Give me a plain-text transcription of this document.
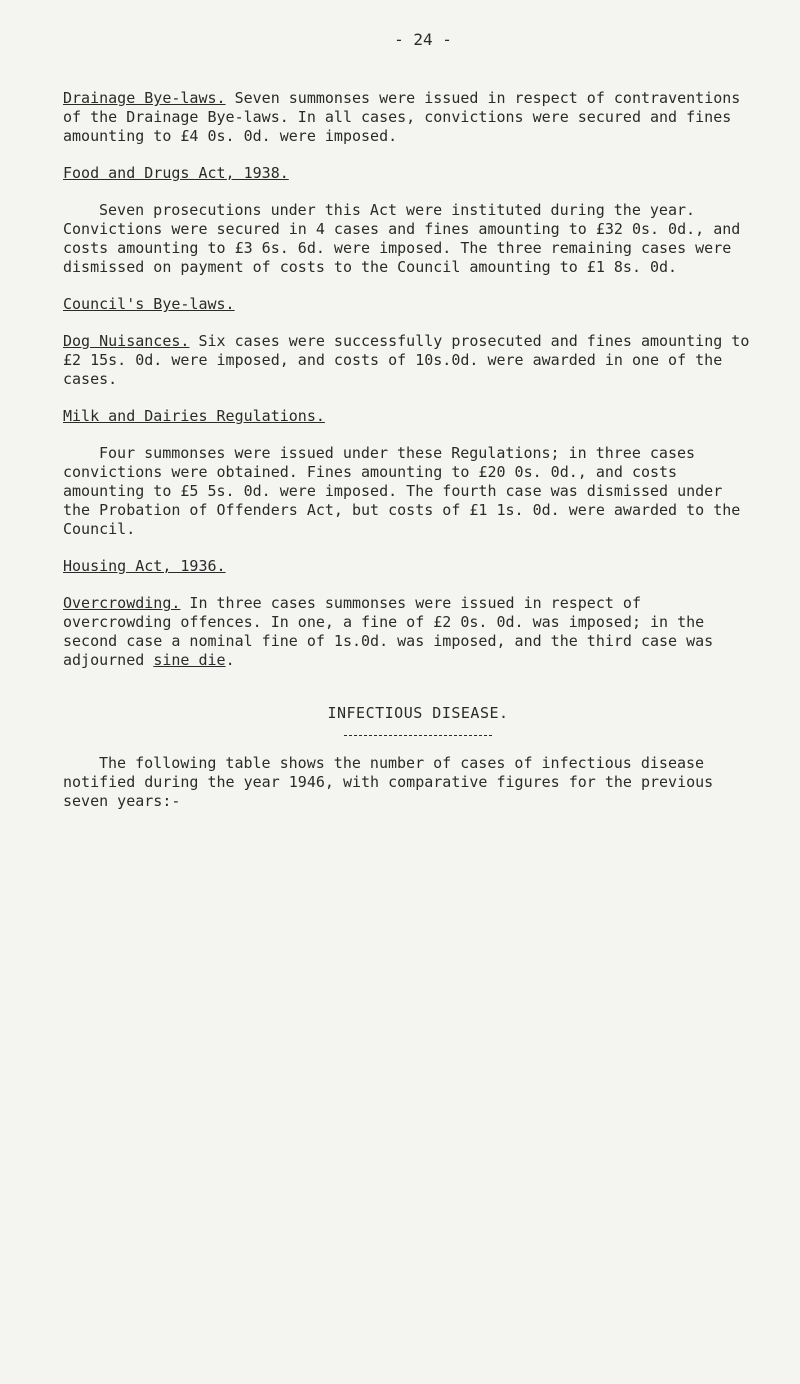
- 24 -

Drainage Bye-laws. Seven summonses were issued in respect of contraventions of the Drainage Bye-laws. In all cases, convictions were secured and fines amounting to £4 0s. 0d. were imposed.

Food and Drugs Act, 1938.

Seven prosecutions under this Act were instituted during the year. Convictions were secured in 4 cases and fines amounting to £32 0s. 0d., and costs amounting to £3 6s. 6d. were imposed. The three remaining cases were dismissed on payment of costs to the Council amounting to £1 8s. 0d.

Council's Bye-laws.

Dog Nuisances. Six cases were successfully prosecuted and fines amounting to £2 15s. 0d. were imposed, and costs of 10s.0d. were awarded in one of the cases.

Milk and Dairies Regulations.

Four summonses were issued under these Regulations; in three cases convictions were obtained. Fines amounting to £20 0s. 0d., and costs amounting to £5 5s. 0d. were imposed. The fourth case was dismissed under the Probation of Offenders Act, but costs of £1 1s. 0d. were awarded to the Council.

Housing Act, 1936.

Overcrowding. In three cases summonses were issued in respect of overcrowding offences. In one, a fine of £2 0s. 0d. was imposed; in the second case a nominal fine of 1s.0d. was imposed, and the third case was adjourned sine die.

INFECTIOUS DISEASE.

The following table shows the number of cases of infectious disease notified during the year 1946, with comparative figures for the previous seven years:-
